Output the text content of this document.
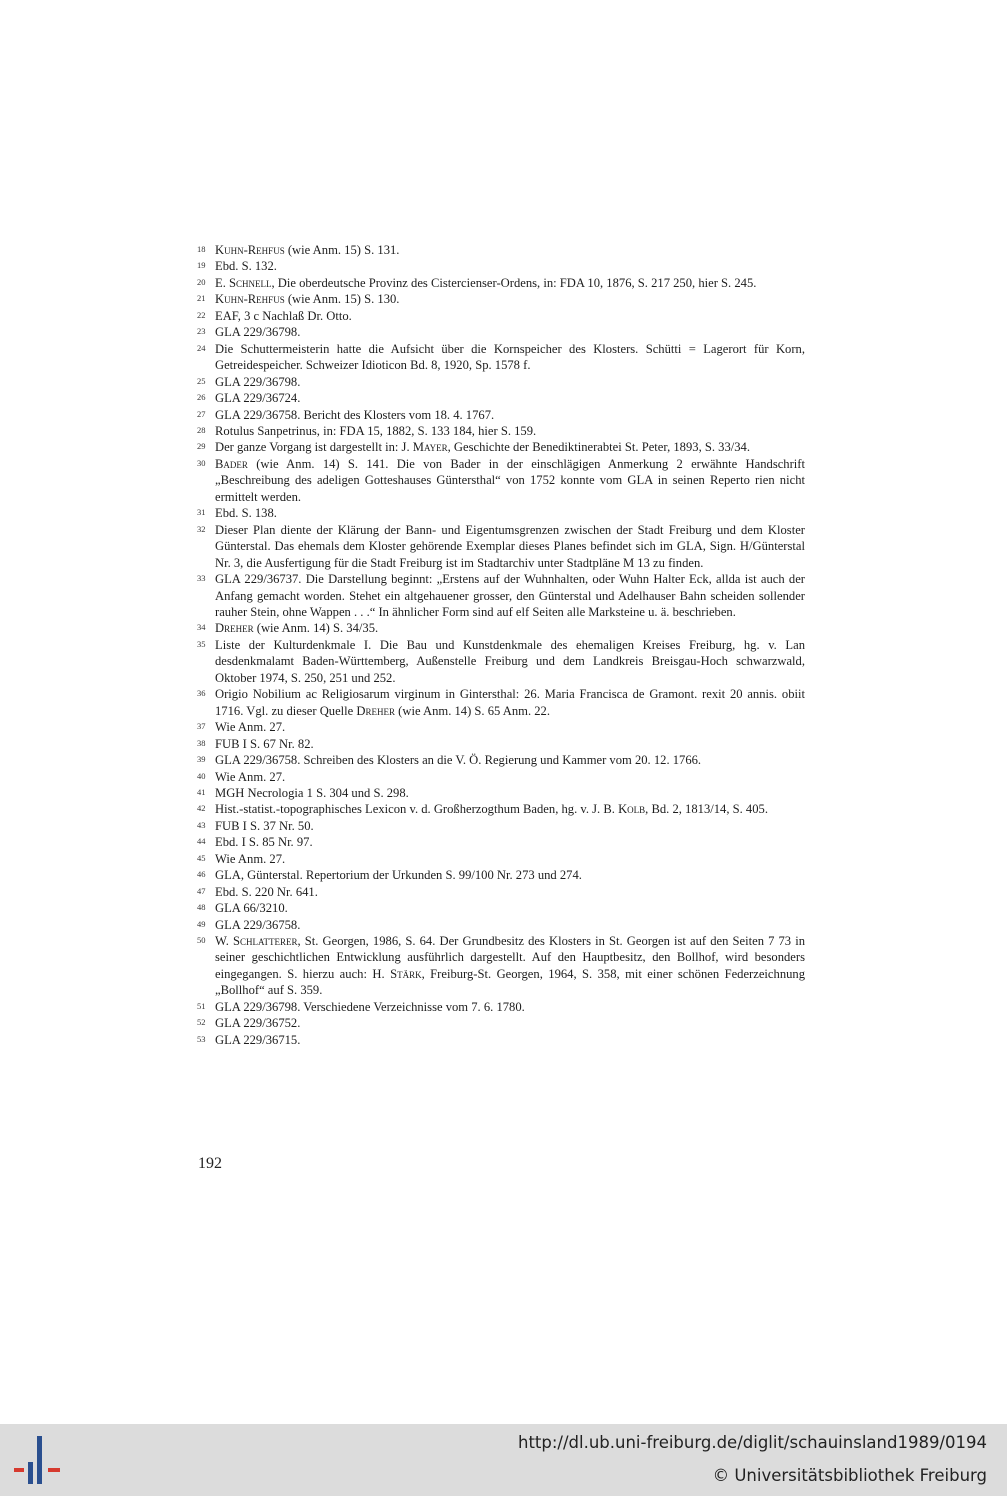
18 Kuhn-Rehfus (wie Anm. 15) S. 131.
19 Ebd. S. 132.
20 E. Schnell, Die oberdeutsche Provinz des Cistercienser-Ordens, in: FDA 10, 1876, S. 217 250, hier S. 245.
21 Kuhn-Rehfus (wie Anm. 15) S. 130.
22 EAF, 3 c Nachlaß Dr. Otto.
23 GLA 229/36798.
24 Die Schuttermeisterin hatte die Aufsicht über die Kornspeicher des Klosters. Schütti = Lagerort für Korn, Getreidespeicher. Schweizer Idioticon Bd. 8, 1920, Sp. 1578 f.
25 GLA 229/36798.
26 GLA 229/36724.
27 GLA 229/36758. Bericht des Klosters vom 18. 4. 1767.
28 Rotulus Sanpetrinus, in: FDA 15, 1882, S. 133 184, hier S. 159.
29 Der ganze Vorgang ist dargestellt in: J. Mayer, Geschichte der Benediktinerabtei St. Peter, 1893, S. 33/34.
30 Bader (wie Anm. 14) S. 141. Die von Bader in der einschlägigen Anmerkung 2 erwähnte Handschrift „Beschreibung des adeligen Gotteshauses Güntersthal“ von 1752 konnte vom GLA in seinen Reperto rien nicht ermittelt werden.
31 Ebd. S. 138.
32 Dieser Plan diente der Klärung der Bann- und Eigentumsgrenzen zwischen der Stadt Freiburg und dem Kloster Günterstal. Das ehemals dem Kloster gehörende Exemplar dieses Planes befindet sich im GLA, Sign. H/Günterstal Nr. 3, die Ausfertigung für die Stadt Freiburg ist im Stadtarchiv unter Stadtpläne M 13 zu finden.
33 GLA 229/36737. Die Darstellung beginnt: „Erstens auf der Wuhnhalten, oder Wuhn Halter Eck, allda ist auch der Anfang gemacht worden. Stehet ein altgehauener grosser, den Günterstal und Adelhauser Bahn scheiden sollender rauher Stein, ohne Wappen . . .“ In ähnlicher Form sind auf elf Seiten alle Marksteine u. ä. beschrieben.
34 Dreher (wie Anm. 14) S. 34/35.
35 Liste der Kulturdenkmale I. Die Bau und Kunstdenkmale des ehemaligen Kreises Freiburg, hg. v. Lan desdenkmalamt Baden-Württemberg, Außenstelle Freiburg und dem Landkreis Breisgau-Hoch schwarzwald, Oktober 1974, S. 250, 251 und 252.
36 Origio Nobilium ac Religiosarum virginum in Gintersthal: 26. Maria Francisca de Gramont. rexit 20 annis. obiit 1716. Vgl. zu dieser Quelle Dreher (wie Anm. 14) S. 65 Anm. 22.
37 Wie Anm. 27.
38 FUB I S. 67 Nr. 82.
39 GLA 229/36758. Schreiben des Klosters an die V. Ö. Regierung und Kammer vom 20. 12. 1766.
40 Wie Anm. 27.
41 MGH Necrologia 1 S. 304 und S. 298.
42 Hist.-statist.-topographisches Lexicon v. d. Großherzogthum Baden, hg. v. J. B. Kolb, Bd. 2, 1813/14, S. 405.
43 FUB I S. 37 Nr. 50.
44 Ebd. I S. 85 Nr. 97.
45 Wie Anm. 27.
46 GLA, Günterstal. Repertorium der Urkunden S. 99/100 Nr. 273 und 274.
47 Ebd. S. 220 Nr. 641.
48 GLA 66/3210.
49 GLA 229/36758.
50 W. Schlatterer, St. Georgen, 1986, S. 64. Der Grundbesitz des Klosters in St. Georgen ist auf den Seiten 7 73 in seiner geschichtlichen Entwicklung ausführlich dargestellt. Auf den Hauptbesitz, den Bollhof, wird besonders eingegangen. S. hierzu auch: H. Stärk, Freiburg-St. Georgen, 1964, S. 358, mit einer schönen Federzeichnung „Bollhof“ auf S. 359.
51 GLA 229/36798. Verschiedene Verzeichnisse vom 7. 6. 1780.
52 GLA 229/36752.
53 GLA 229/36715.
192
http://dl.ub.uni-freiburg.de/diglit/schauinsland1989/0194
© Universitätsbibliothek Freiburg
